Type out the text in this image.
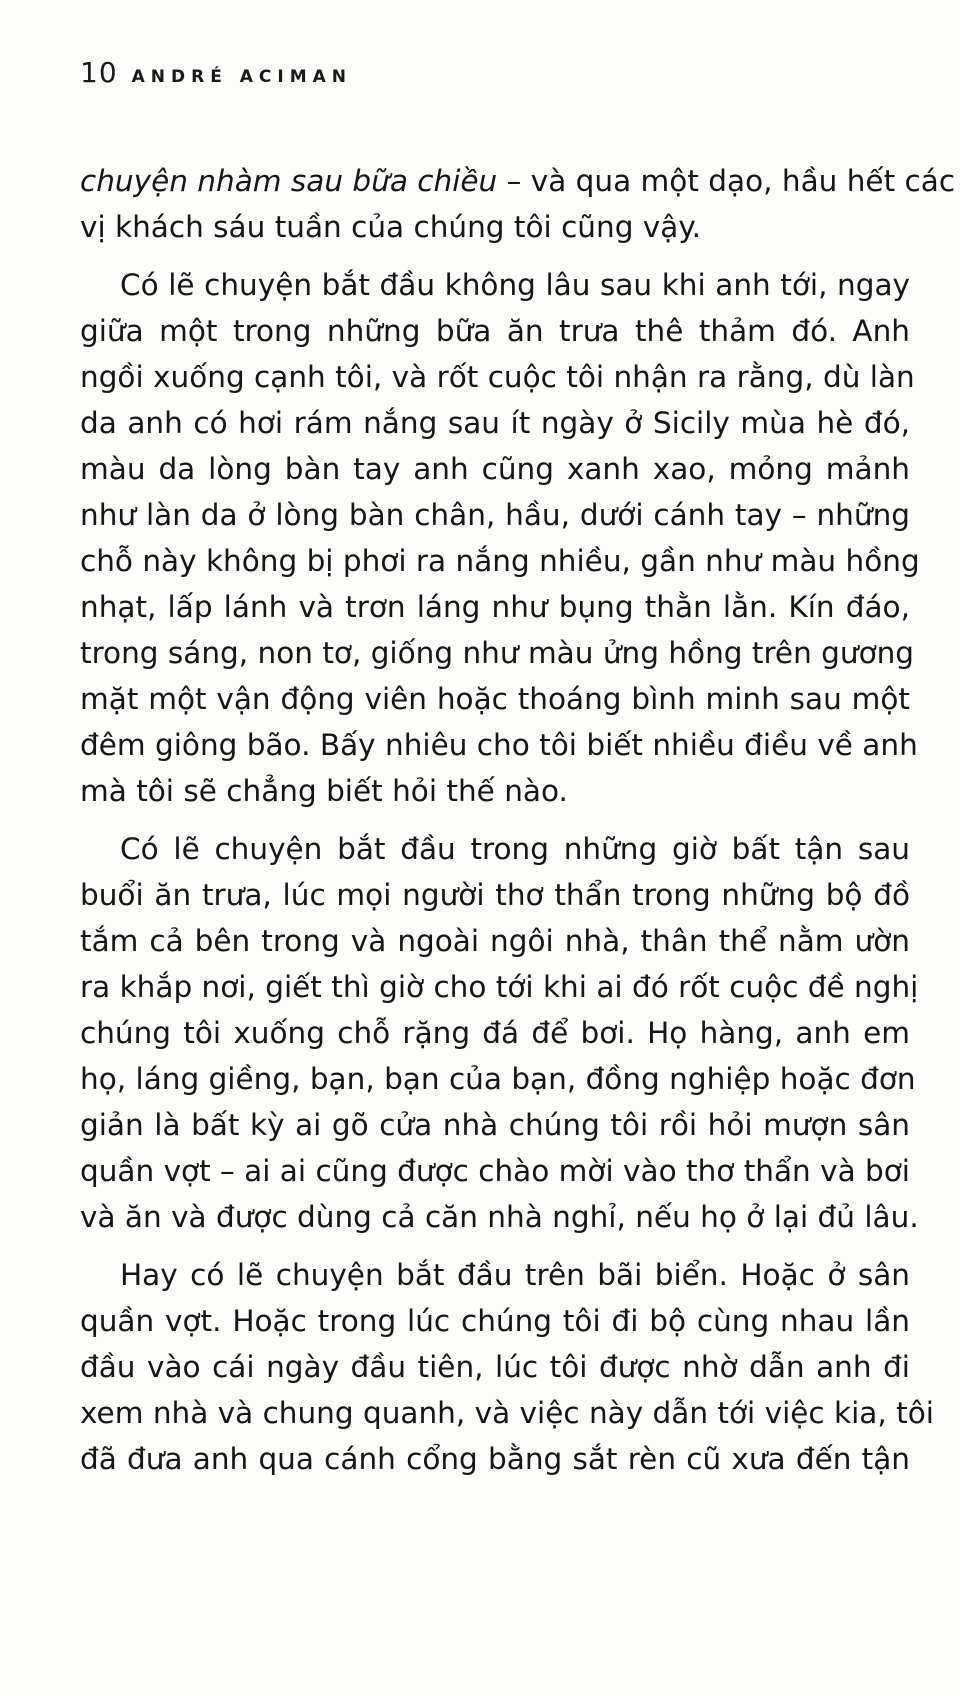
10 ANDRÉ ACIMAN
chuyện nhàm sau bữa chiều – và qua một dạo, hầu hết các
vị khách sáu tuần của chúng tôi cũng vậy.
Có lẽ chuyện bắt đầu không lâu sau khi anh tới, ngay
giữa một trong những bữa ăn trưa thê thảm đó. Anh
ngồi xuống cạnh tôi, và rốt cuộc tôi nhận ra rằng, dù làn
da anh có hơi rám nắng sau ít ngày ở Sicily mùa hè đó,
màu da lòng bàn tay anh cũng xanh xao, mỏng mảnh
như làn da ở lòng bàn chân, hầu, dưới cánh tay – những
chỗ này không bị phơi ra nắng nhiều, gần như màu hồng
nhạt, lấp lánh và trơn láng như bụng thằn lằn. Kín đáo,
trong sáng, non tơ, giống như màu ửng hồng trên gương
mặt một vận động viên hoặc thoáng bình minh sau một
đêm giông bão. Bấy nhiêu cho tôi biết nhiều điều về anh
mà tôi sẽ chẳng biết hỏi thế nào.
Có lẽ chuyện bắt đầu trong những giờ bất tận sau
buổi ăn trưa, lúc mọi người thơ thẩn trong những bộ đồ
tắm cả bên trong và ngoài ngôi nhà, thân thể nằm ườn
ra khắp nơi, giết thì giờ cho tới khi ai đó rốt cuộc đề nghị
chúng tôi xuống chỗ rặng đá để bơi. Họ hàng, anh em
họ, láng giềng, bạn, bạn của bạn, đồng nghiệp hoặc đơn
giản là bất kỳ ai gõ cửa nhà chúng tôi rồi hỏi mượn sân
quần vợt – ai ai cũng được chào mời vào thơ thẩn và bơi
và ăn và được dùng cả căn nhà nghỉ, nếu họ ở lại đủ lâu.
Hay có lẽ chuyện bắt đầu trên bãi biển. Hoặc ở sân
quần vợt. Hoặc trong lúc chúng tôi đi bộ cùng nhau lần
đầu vào cái ngày đầu tiên, lúc tôi được nhờ dẫn anh đi
xem nhà và chung quanh, và việc này dẫn tới việc kia, tôi
đã đưa anh qua cánh cổng bằng sắt rèn cũ xưa đến tận
